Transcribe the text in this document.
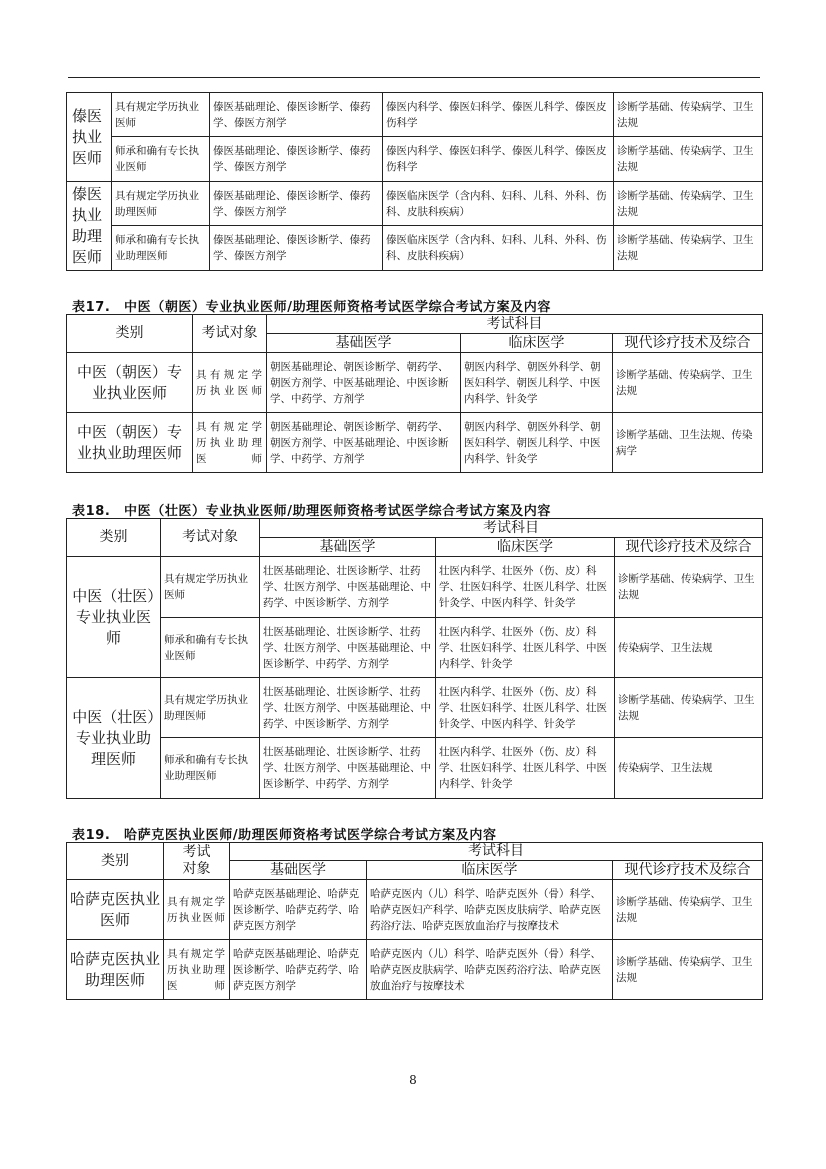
傣医执业医师	具有规定学历执业医师	傣医基础理论、傣医诊断学、傣药学、傣医方剂学	傣医内科学、傣医妇科学、傣医儿科学、傣医皮伤科学	诊断学基础、传染病学、卫生法规
	师承和确有专长执业医师	傣医基础理论、傣医诊断学、傣药学、傣医方剂学	傣医内科学、傣医妇科学、傣医儿科学、傣医皮伤科学	诊断学基础、传染病学、卫生法规
傣医执业助理医师	具有规定学历执业助理医师	傣医基础理论、傣医诊断学、傣药学、傣医方剂学	傣医临床医学（含内科、妇科、儿科、外科、伤科、皮肤科疾病）	诊断学基础、传染病学、卫生法规
	师承和确有专长执业助理医师	傣医基础理论、傣医诊断学、傣药学、傣医方剂学	傣医临床医学（含内科、妇科、儿科、外科、伤科、皮肤科疾病）	诊断学基础、传染病学、卫生法规
表17.　中医（朝医）专业执业医师/助理医师资格考试医学综合考试方案及内容
类别	考试对象	考试科目		
		基础医学	临床医学	现代诊疗技术及综合
中医（朝医）专业执业医师	具有规定学历执业医师	朝医基础理论、朝医诊断学、朝药学、朝医方剂学、中医基础理论、中医诊断学、中药学、方剂学	朝医内科学、朝医外科学、朝医妇科学、朝医儿科学、中医内科学、针灸学	诊断学基础、传染病学、卫生法规
中医（朝医）专业执业助理医师	具有规定学历执业助理医师	朝医基础理论、朝医诊断学、朝药学、朝医方剂学、中医基础理论、中医诊断学、中药学、方剂学	朝医内科学、朝医外科学、朝医妇科学、朝医儿科学、中医内科学、针灸学	诊断学基础、卫生法规、传染病学
表18.　中医（壮医）专业执业医师/助理医师资格考试医学综合考试方案及内容
类别	考试对象	考试科目		
		基础医学	临床医学	现代诊疗技术及综合
中医（壮医）专业执业医师	具有规定学历执业医师	壮医基础理论、壮医诊断学、壮药学、壮医方剂学、中医基础理论、中药学、中医诊断学、方剂学	壮医内科学、壮医外（伤、皮）科学、壮医妇科学、壮医儿科学、壮医针灸学、中医内科学、针灸学	诊断学基础、传染病学、卫生法规
	师承和确有专长执业医师	壮医基础理论、壮医诊断学、壮药学、壮医方剂学、中医基础理论、中医诊断学、中药学、方剂学	壮医内科学、壮医外（伤、皮）科学、壮医妇科学、壮医儿科学、中医内科学、针灸学	传染病学、卫生法规
中医（壮医）专业执业助理医师	具有规定学历执业助理医师	壮医基础理论、壮医诊断学、壮药学、壮医方剂学、中医基础理论、中药学、中医诊断学、方剂学	壮医内科学、壮医外（伤、皮）科学、壮医妇科学、壮医儿科学、壮医针灸学、中医内科学、针灸学	诊断学基础、传染病学、卫生法规
	师承和确有专长执业助理医师	壮医基础理论、壮医诊断学、壮药学、壮医方剂学、中医基础理论、中医诊断学、中药学、方剂学	壮医内科学、壮医外（伤、皮）科学、壮医妇科学、壮医儿科学、中医内科学、针灸学	传染病学、卫生法规
表19.　哈萨克医执业医师/助理医师资格考试医学综合考试方案及内容
类别	考试对象	考试科目		
		基础医学	临床医学	现代诊疗技术及综合
哈萨克医执业医师	具有规定学历执业医师	哈萨克医基础理论、哈萨克医诊断学、哈萨克药学、哈萨克医方剂学	哈萨克医内（儿）科学、哈萨克医外（骨）科学、哈萨克医妇产科学、哈萨克医皮肤病学、哈萨克医药浴疗法、哈萨克医放血治疗与按摩技术	诊断学基础、传染病学、卫生法规
哈萨克医执业助理医师	具有规定学历执业助理医师	哈萨克医基础理论、哈萨克医诊断学、哈萨克药学、哈萨克医方剂学	哈萨克医内（儿）科学、哈萨克医外（骨）科学、哈萨克医皮肤病学、哈萨克医药浴疗法、哈萨克医放血治疗与按摩技术	诊断学基础、传染病学、卫生法规
8
